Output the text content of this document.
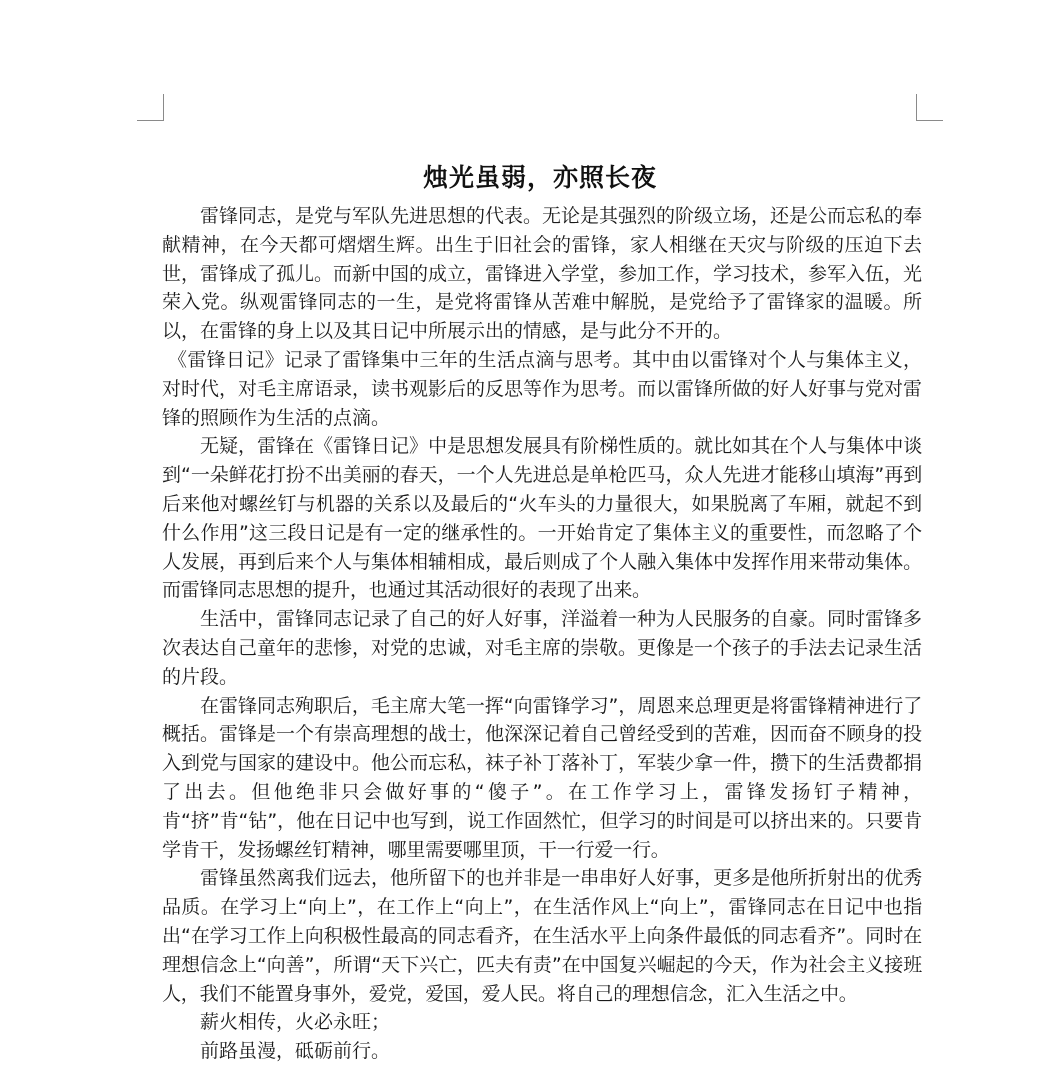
烛光虽弱，亦照长夜

雷锋同志，是党与军队先进思想的代表。无论是其强烈的阶级立场，还是公而忘私的奉献精神，在今天都可熠熠生辉。出生于旧社会的雷锋，家人相继在天灾与阶级的压迫下去世，雷锋成了孤儿。而新中国的成立，雷锋进入学堂，参加工作，学习技术，参军入伍，光荣入党。纵观雷锋同志的一生，是党将雷锋从苦难中解脱，是党给予了雷锋家的温暖。所以，在雷锋的身上以及其日记中所展示出的情感，是与此分不开的。

《雷锋日记》记录了雷锋集中三年的生活点滴与思考。其中由以雷锋对个人与集体主义，对时代，对毛主席语录，读书观影后的反思等作为思考。而以雷锋所做的好人好事与党对雷锋的照顾作为生活的点滴。

无疑，雷锋在《雷锋日记》中是思想发展具有阶梯性质的。就比如其在个人与集体中谈到“一朵鲜花打扮不出美丽的春天，一个人先进总是单枪匹马，众人先进才能移山填海”再到后来他对螺丝钉与机器的关系以及最后的“火车头的力量很大，如果脱离了车厢，就起不到什么作用”这三段日记是有一定的继承性的。一开始肯定了集体主义的重要性，而忽略了个人发展，再到后来个人与集体相辅相成，最后则成了个人融入集体中发挥作用来带动集体。而雷锋同志思想的提升，也通过其活动很好的表现了出来。

生活中，雷锋同志记录了自己的好人好事，洋溢着一种为人民服务的自豪。同时雷锋多次表达自己童年的悲惨，对党的忠诚，对毛主席的崇敬。更像是一个孩子的手法去记录生活的片段。

在雷锋同志殉职后，毛主席大笔一挥“向雷锋学习”，周恩来总理更是将雷锋精神进行了概括。雷锋是一个有崇高理想的战士，他深深记着自己曾经受到的苦难，因而奋不顾身的投入到党与国家的建设中。他公而忘私，袜子补丁落补丁，军装少拿一件，攒下的生活费都捐了出去。但他绝非只会做好事的“傻子”。在工作学习上，雷锋发扬钉子精神，肯“挤”肯“钻”，他在日记中也写到，说工作固然忙，但学习的时间是可以挤出来的。只要肯学肯干，发扬螺丝钉精神，哪里需要哪里顶，干一行爱一行。

雷锋虽然离我们远去，他所留下的也并非是一串串好人好事，更多是他所折射出的优秀品质。在学习上“向上”，在工作上“向上”，在生活作风上“向上”，雷锋同志在日记中也指出“在学习工作上向积极性最高的同志看齐，在生活水平上向条件最低的同志看齐”。同时在理想信念上“向善”，所谓“天下兴亡，匹夫有责”在中国复兴崛起的今天，作为社会主义接班人，我们不能置身事外，爱党，爱国，爱人民。将自己的理想信念，汇入生活之中。

薪火相传，火必永旺；

前路虽漫，砥砺前行。
